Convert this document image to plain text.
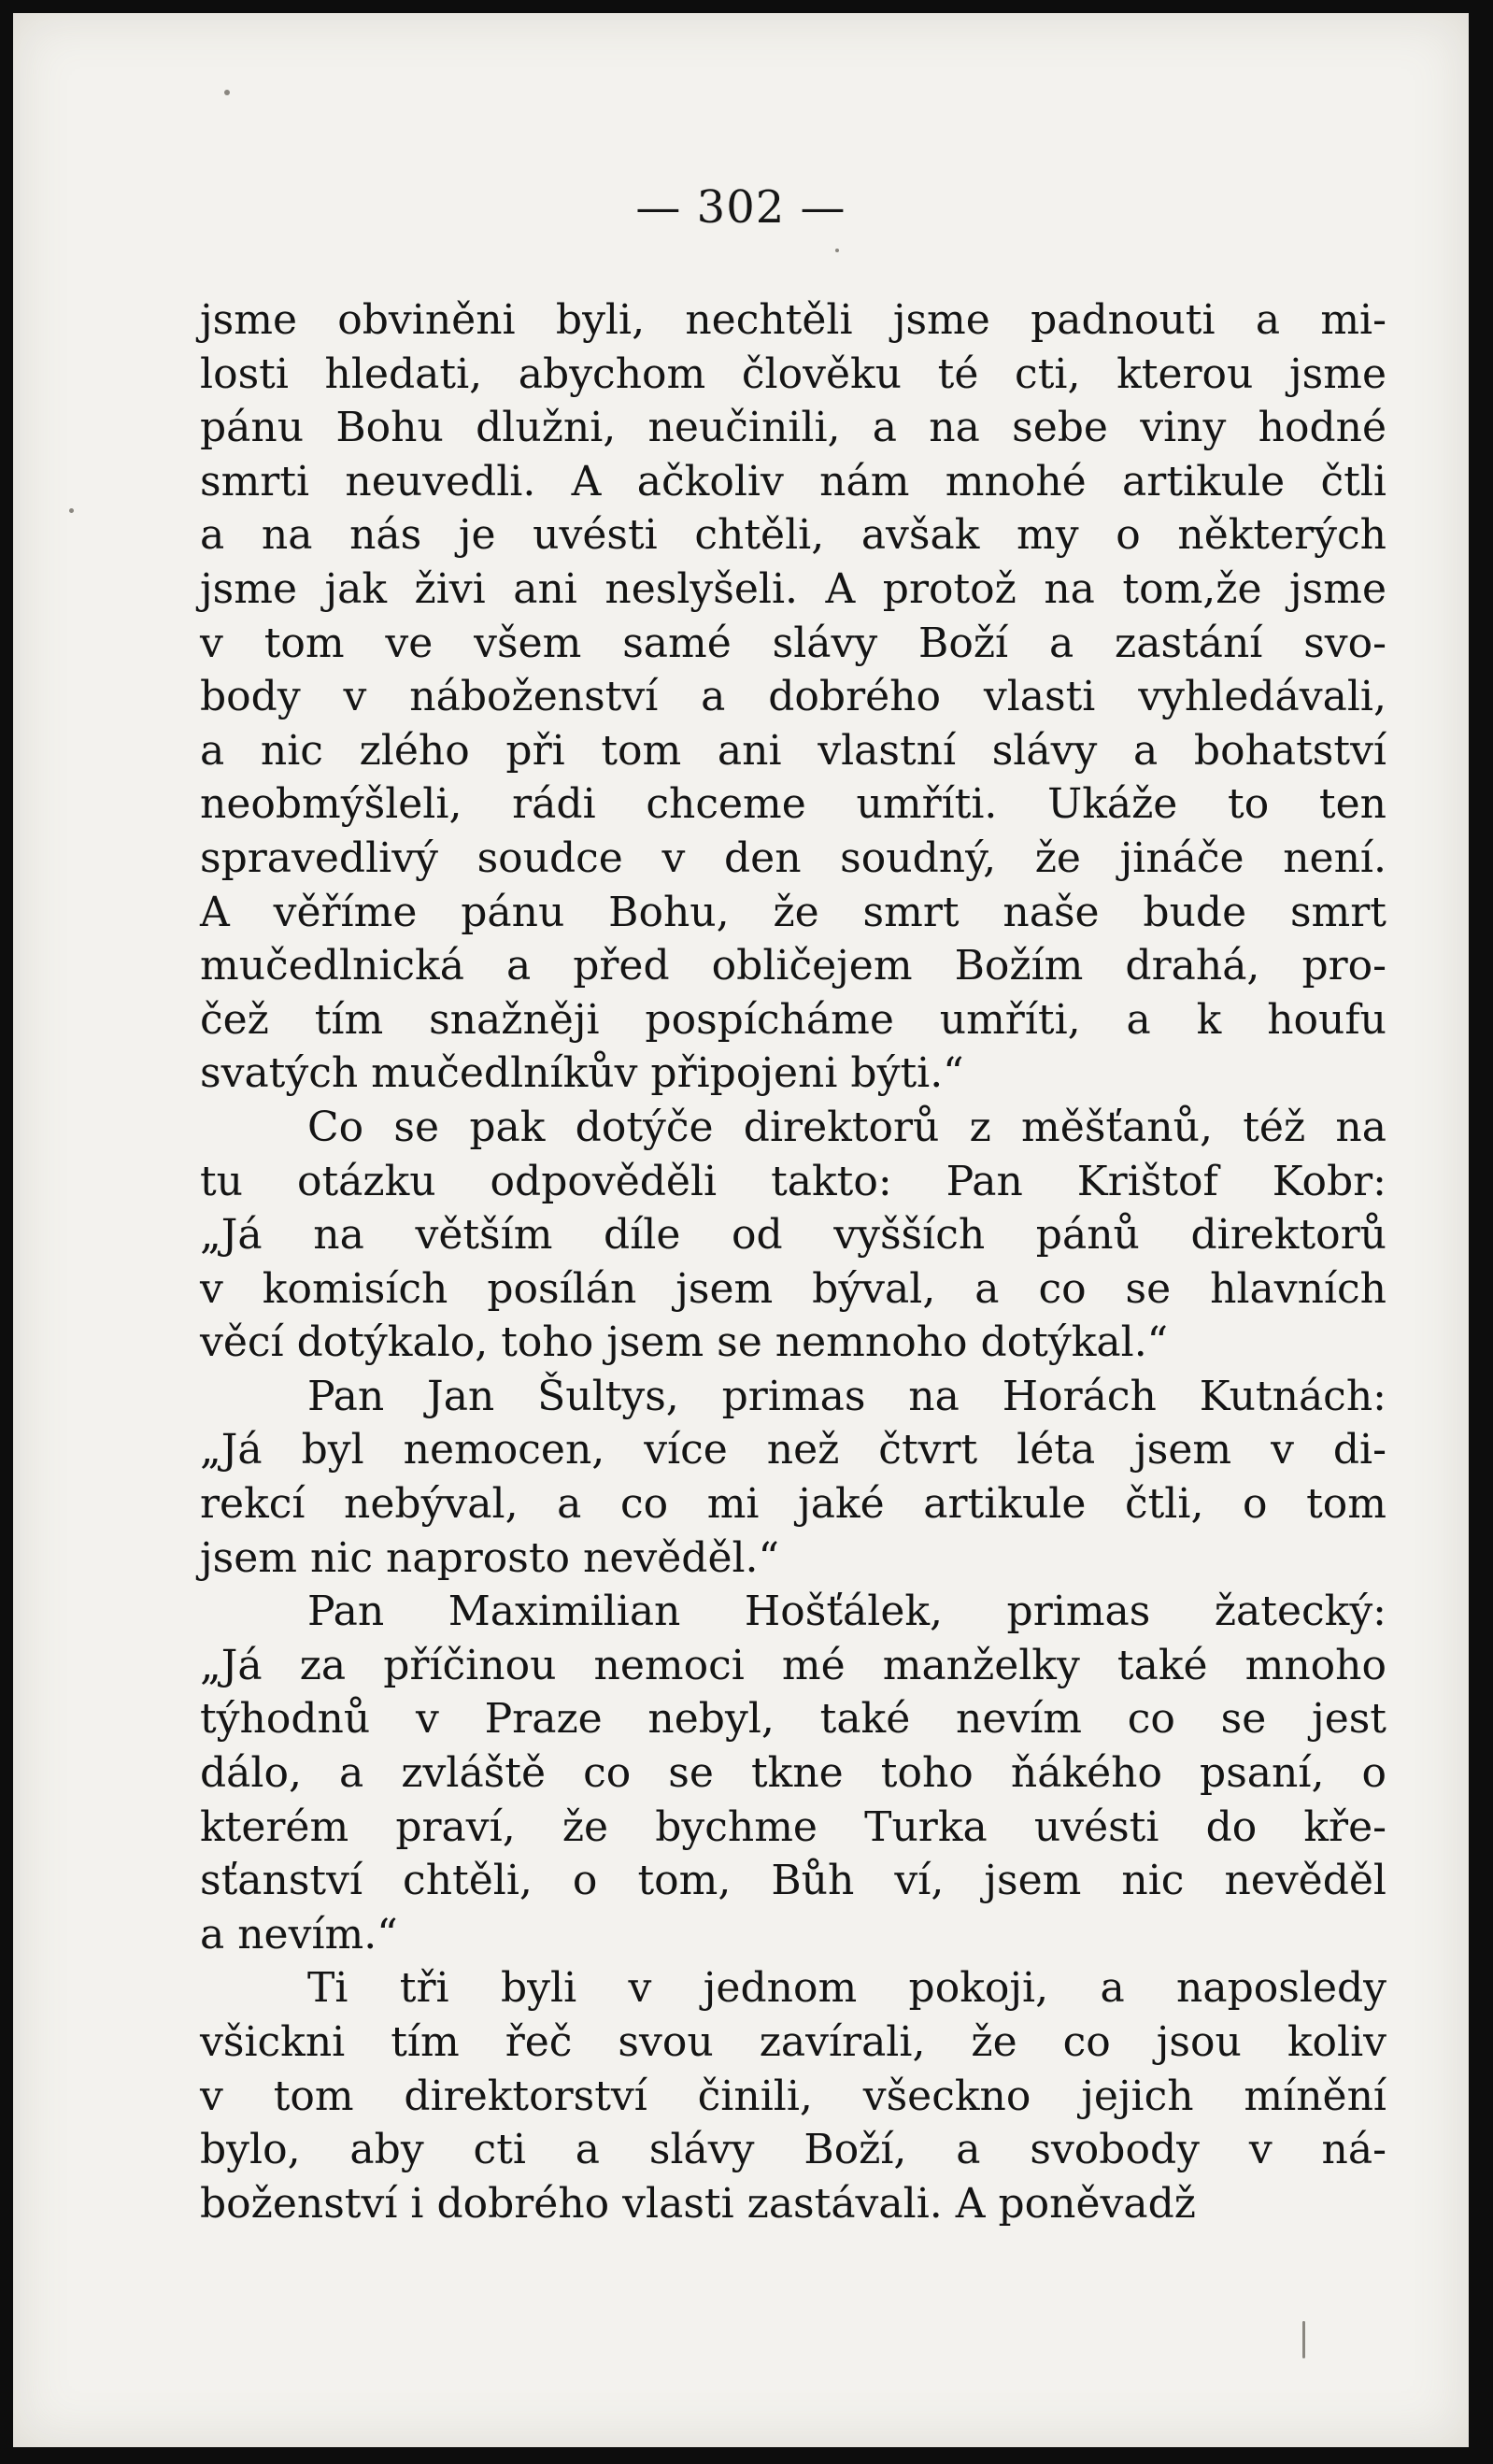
— 302 —
jsme obviněni byli, nechtěli jsme padnouti a mi-
losti hledati, abychom člověku té cti, kterou jsme
pánu Bohu dlužni, neučinili, a na sebe viny hodné
smrti neuvedli. A ačkoliv nám mnohé artikule čtli
a na nás je uvésti chtěli, avšak my o některých
jsme jak živi ani neslyšeli. A protož na tom,že jsme
v tom ve všem samé slávy Boží a zastání svo-
body v náboženství a dobrého vlasti vyhledávali,
a nic zlého při tom ani vlastní slávy a bohatství
neobmýšleli, rádi chceme umříti. Ukáže to ten
spravedlivý soudce v den soudný, že jináče není.
A věříme pánu Bohu, že smrt naše bude smrt
mučedlnická a před obličejem Božím drahá, pro-
čež tím snažněji pospícháme umříti, a k houfu
svatých mučedlníkův připojeni býti.“
Co se pak dotýče direktorů z měšťanů, též na
tu otázku odpověděli takto: Pan Krištof Kobr:
„Já na větším díle od vyšších pánů direktorů
v komisích posílán jsem býval, a co se hlavních
věcí dotýkalo, toho jsem se nemnoho dotýkal.“
Pan Jan Šultys, primas na Horách Kutnách:
„Já byl nemocen, více než čtvrt léta jsem v di-
rekcí nebýval, a co mi jaké artikule čtli, o tom
jsem nic naprosto nevěděl.“
Pan Maximilian Hošťálek, primas žatecký:
„Já za příčinou nemoci mé manželky také mnoho
týhodnů v Praze nebyl, také nevím co se jest
dálo, a zvláště co se tkne toho ňákého psaní, o
kterém praví, že bychme Turka uvésti do kře-
sťanství chtěli, o tom, Bůh ví, jsem nic nevěděl
a nevím.“
Ti tři byli v jednom pokoji, a naposledy
všickni tím řeč svou zavírali, že co jsou koliv
v tom direktorství činili, všeckno jejich mínění
bylo, aby cti a slávy Boží, a svobody v ná-
boženství i dobrého vlasti zastávali. A poněvadž
